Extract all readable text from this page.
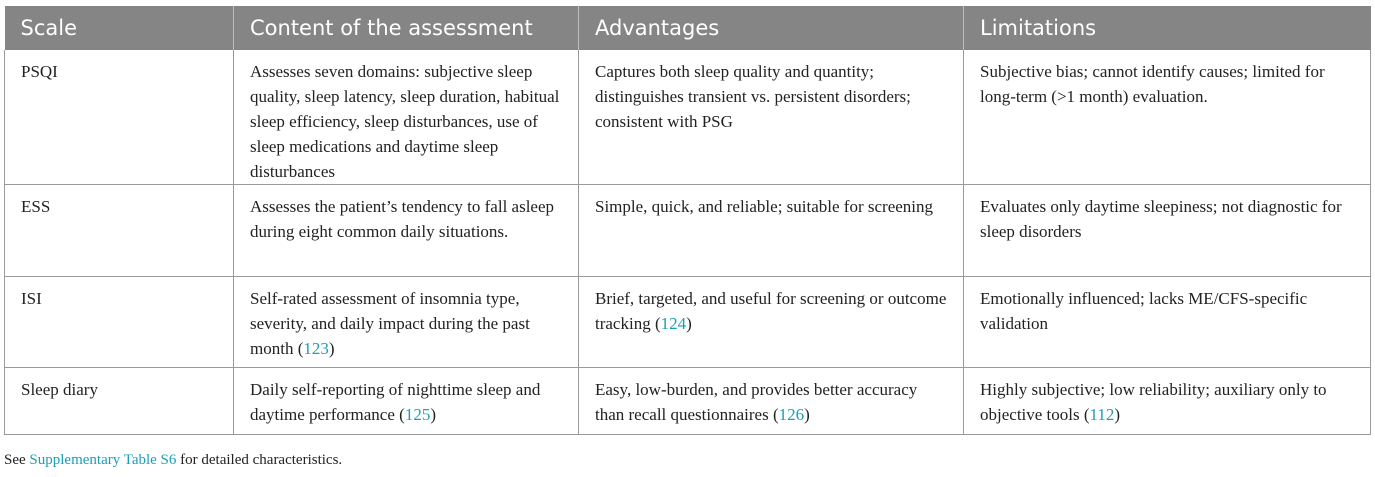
Scale	Content of the assessment	Advantages	Limitations
PSQI	Assesses seven domains: subjective sleep quality, sleep latency, sleep duration, habitual sleep efficiency, sleep disturbances, use of sleep medications and daytime sleep disturbances	Captures both sleep quality and quantity; distinguishes transient vs. persistent disorders; consistent with PSG	Subjective bias; cannot identify causes; limited for long-term (>1 month) evaluation.
ESS	Assesses the patient’s tendency to fall asleep during eight common daily situations.	Simple, quick, and reliable; suitable for screening	Evaluates only daytime sleepiness; not diagnostic for sleep disorders
ISI	Self-rated assessment of insomnia type, severity, and daily impact during the past month (123)	Brief, targeted, and useful for screening or outcome tracking (124)	Emotionally influenced; lacks ME/CFS-specific validation
Sleep diary	Daily self-reporting of nighttime sleep and daytime performance (125)	Easy, low-burden, and provides better accuracy than recall questionnaires (126)	Highly subjective; low reliability; auxiliary only to objective tools (112)
See Supplementary Table S6 for detailed characteristics.
